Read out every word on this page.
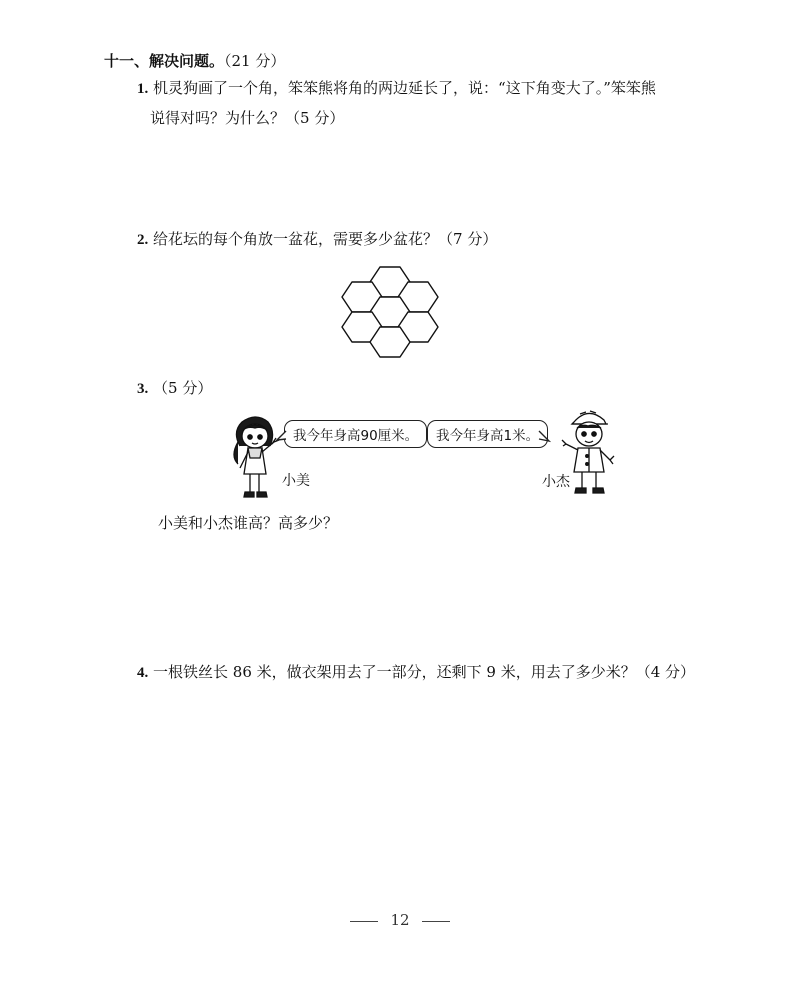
十一、解决问题。（21 分）
1. 机灵狗画了一个角，笨笨熊将角的两边延长了，说：“这下角变大了。”笨笨熊
说得对吗？为什么？（5 分）
2. 给花坛的每个角放一盆花，需要多少盆花？（7 分）
3. （5 分）
我今年身高90厘米。	我今年身高1米。
小美	小杰
小美和小杰谁高？高多少？
4. 一根铁丝长 86 米，做衣架用去了一部分，还剩下 9 米，用去了多少米？（4 分）
12
